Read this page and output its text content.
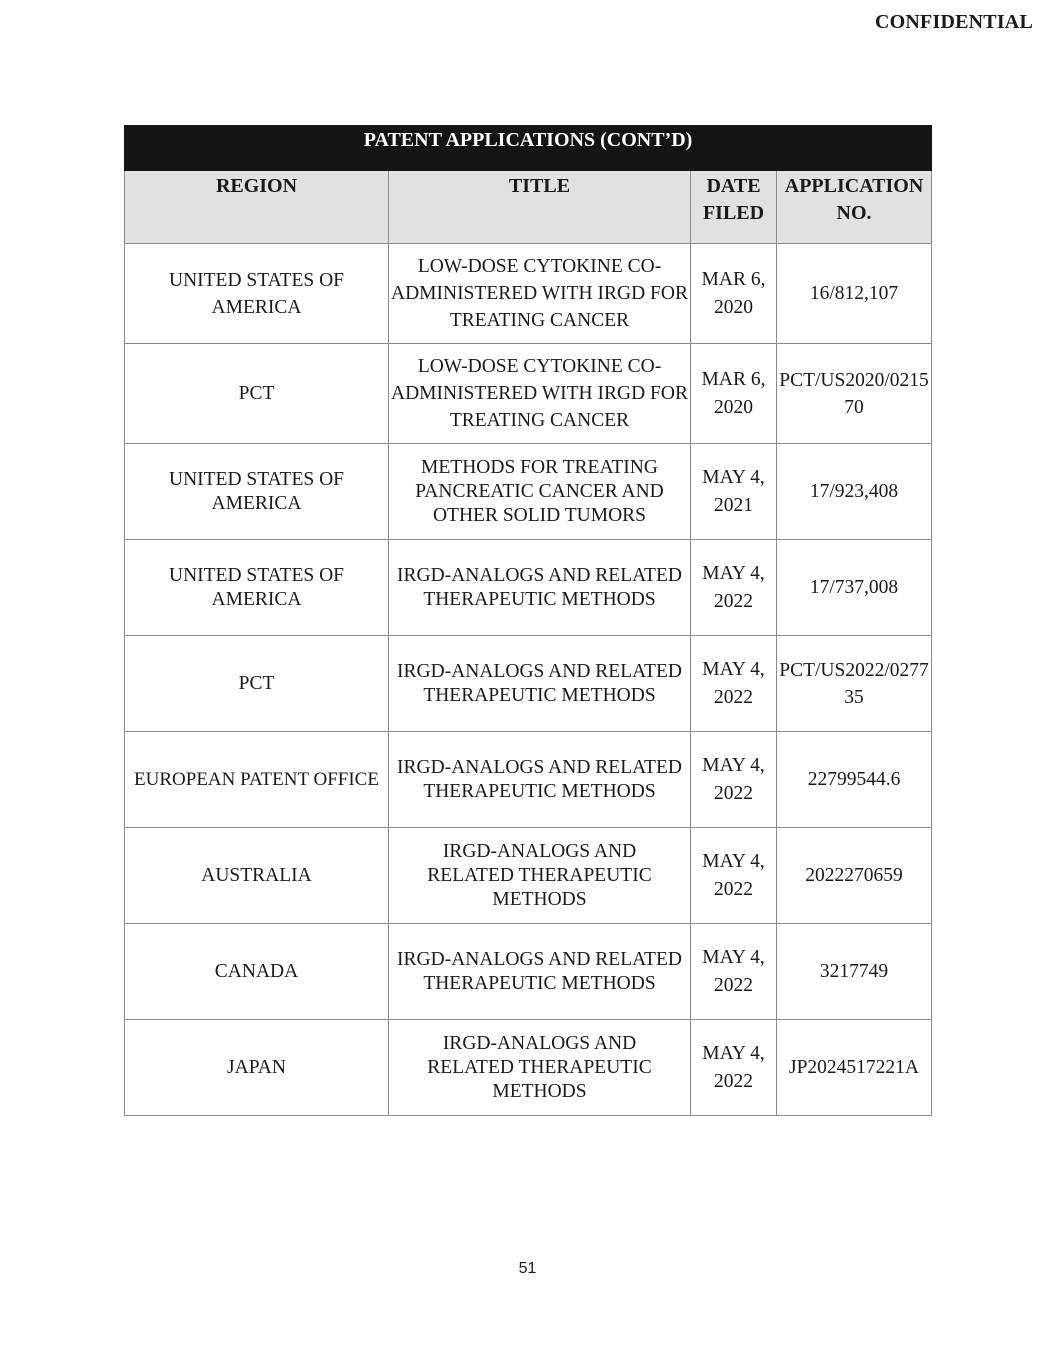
CONFIDENTIAL
PATENT APPLICATIONS (CONT’D)			
REGION	TITLE	DATE FILED	APPLICATION NO.
UNITED STATES OF AMERICA	LOW-DOSE CYTOKINE CO-ADMINISTERED WITH IRGD FOR TREATING CANCER	MAR 6, 2020	16/812,107
PCT	LOW-DOSE CYTOKINE CO-ADMINISTERED WITH IRGD FOR TREATING CANCER	MAR 6, 2020	PCT/US2020/021570
UNITED STATES OF AMERICA	METHODS FOR TREATING PANCREATIC CANCER AND OTHER SOLID TUMORS	MAY 4, 2021	17/923,408
UNITED STATES OF AMERICA	IRGD-ANALOGS AND RELATED THERAPEUTIC METHODS	MAY 4, 2022	17/737,008
PCT	IRGD-ANALOGS AND RELATED THERAPEUTIC METHODS	MAY 4, 2022	PCT/US2022/027735
EUROPEAN PATENT OFFICE	IRGD-ANALOGS AND RELATED THERAPEUTIC METHODS	MAY 4, 2022	22799544.6
AUSTRALIA	IRGD-ANALOGS AND RELATED THERAPEUTIC METHODS	MAY 4, 2022	2022270659
CANADA	IRGD-ANALOGS AND RELATED THERAPEUTIC METHODS	MAY 4, 2022	3217749
JAPAN	IRGD-ANALOGS AND RELATED THERAPEUTIC METHODS	MAY 4, 2022	JP2024517221A
51
